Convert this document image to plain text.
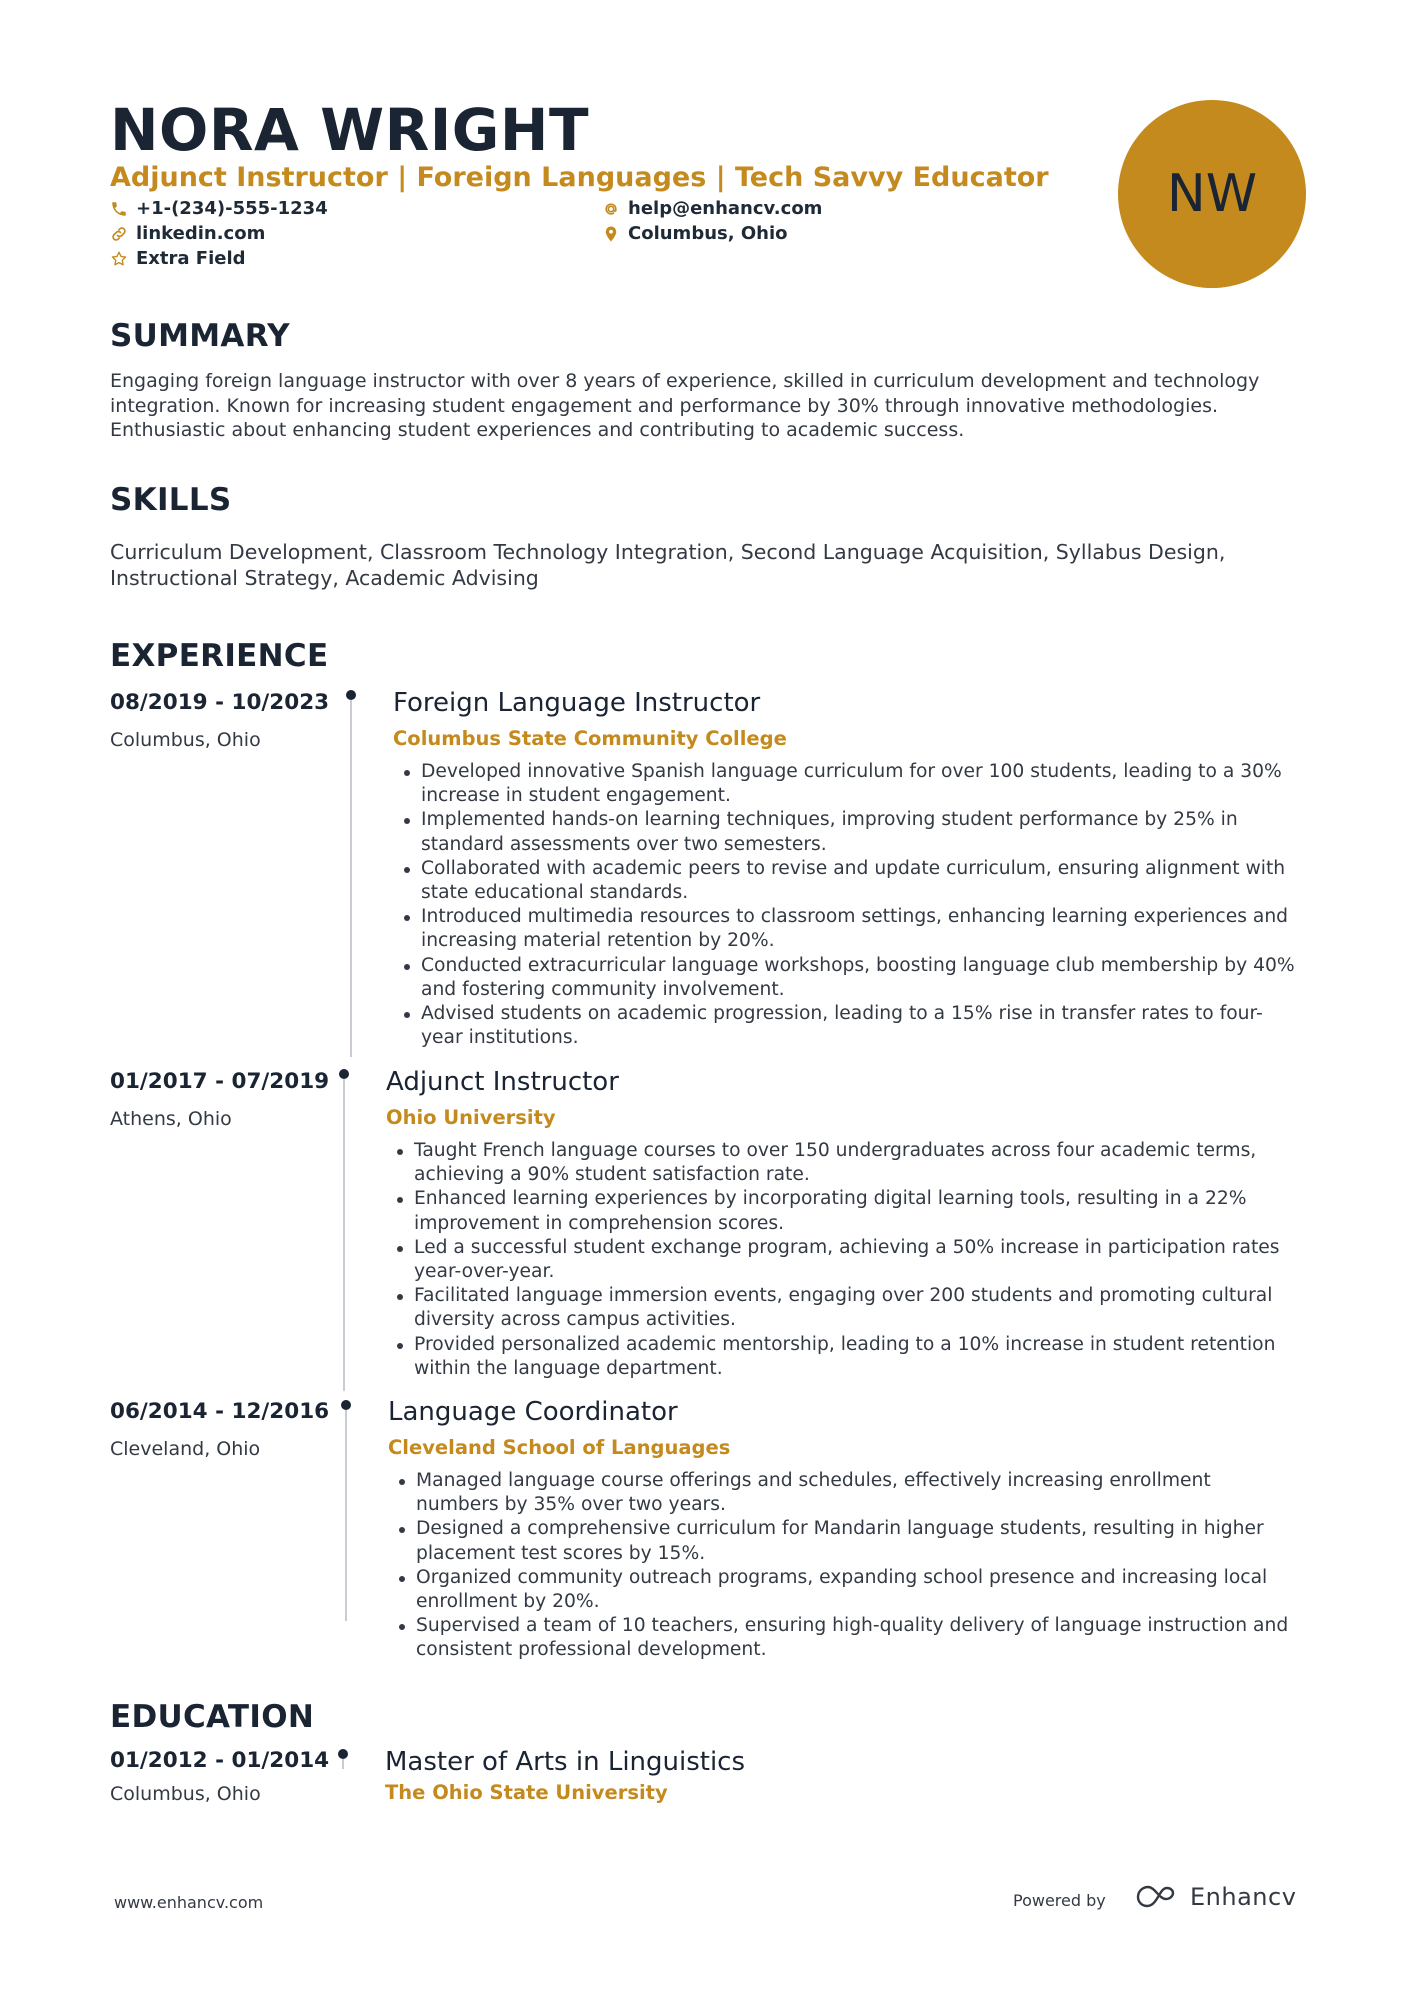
NORA WRIGHT
Adjunct Instructor | Foreign Languages | Tech Savvy Educator
+1-(234)-555-1234	help@enhancv.com
linkedin.com	Columbus, Ohio
Extra Field
NW
SUMMARY
Engaging foreign language instructor with over 8 years of experience, skilled in curriculum development and technology integration. Known for increasing student engagement and performance by 30% through innovative methodologies. Enthusiastic about enhancing student experiences and contributing to academic success.
SKILLS
Curriculum Development, Classroom Technology Integration, Second Language Acquisition, Syllabus Design, Instructional Strategy, Academic Advising
EXPERIENCE
08/2019 - 10/2023
Columbus, Ohio
Foreign Language Instructor
Columbus State Community College
Developed innovative Spanish language curriculum for over 100 students, leading to a 30% increase in student engagement.
Implemented hands-on learning techniques, improving student performance by 25% in standard assessments over two semesters.
Collaborated with academic peers to revise and update curriculum, ensuring alignment with state educational standards.
Introduced multimedia resources to classroom settings, enhancing learning experiences and increasing material retention by 20%.
Conducted extracurricular language workshops, boosting language club membership by 40% and fostering community involvement.
Advised students on academic progression, leading to a 15% rise in transfer rates to four-year institutions.
01/2017 - 07/2019
Athens, Ohio
Adjunct Instructor
Ohio University
Taught French language courses to over 150 undergraduates across four academic terms, achieving a 90% student satisfaction rate.
Enhanced learning experiences by incorporating digital learning tools, resulting in a 22% improvement in comprehension scores.
Led a successful student exchange program, achieving a 50% increase in participation rates year-over-year.
Facilitated language immersion events, engaging over 200 students and promoting cultural diversity across campus activities.
Provided personalized academic mentorship, leading to a 10% increase in student retention within the language department.
06/2014 - 12/2016
Cleveland, Ohio
Language Coordinator
Cleveland School of Languages
Managed language course offerings and schedules, effectively increasing enrollment numbers by 35% over two years.
Designed a comprehensive curriculum for Mandarin language students, resulting in higher placement test scores by 15%.
Organized community outreach programs, expanding school presence and increasing local enrollment by 20%.
Supervised a team of 10 teachers, ensuring high-quality delivery of language instruction and consistent professional development.
EDUCATION
01/2012 - 01/2014
Columbus, Ohio
Master of Arts in Linguistics
The Ohio State University
www.enhancv.com	Powered by	Enhancv
